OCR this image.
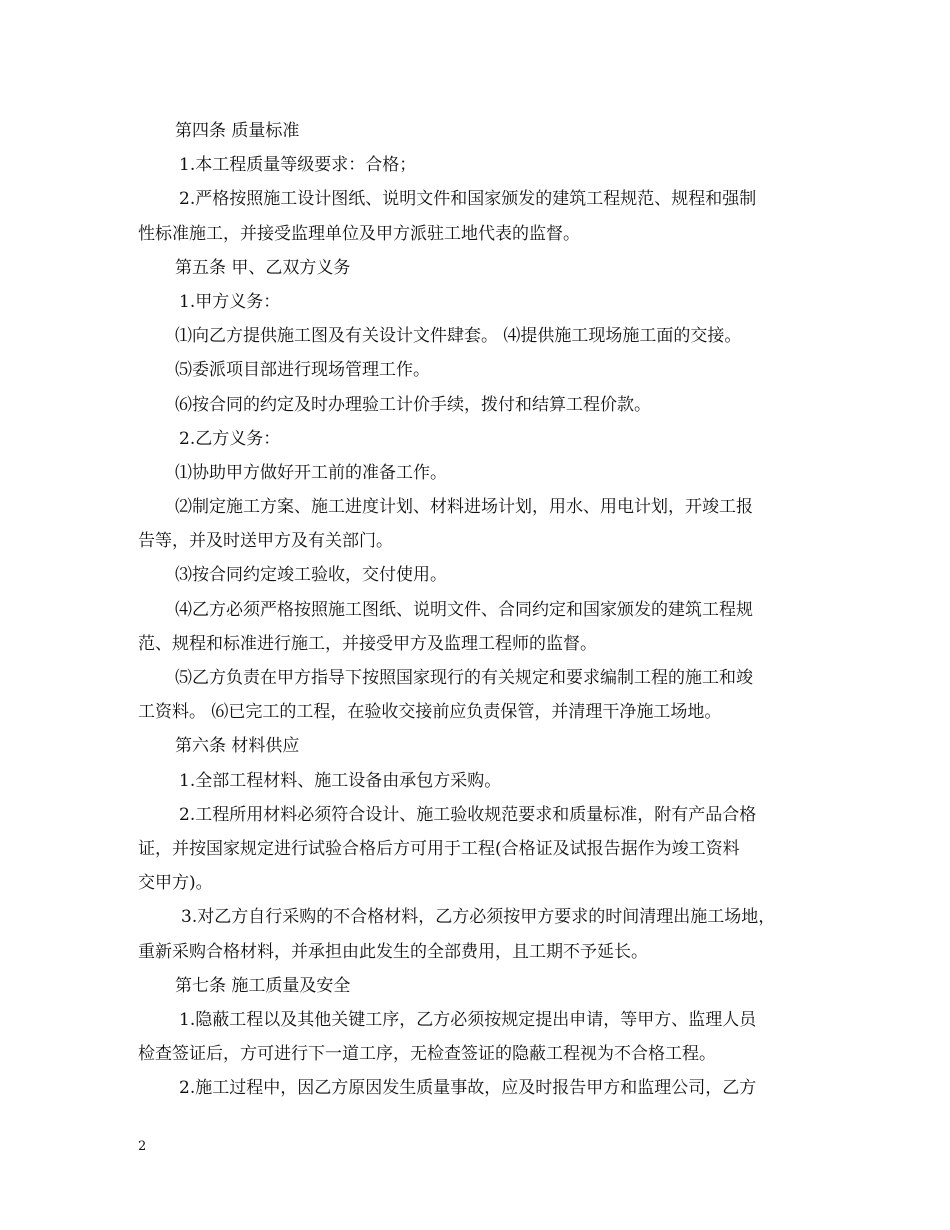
第四条 质量标准
1.本工程质量等级要求：合格；
2.严格按照施工设计图纸、说明文件和国家颁发的建筑工程规范、规程和强制
性标准施工，并接受监理单位及甲方派驻工地代表的监督。
第五条 甲、乙双方义务
1.甲方义务：
⑴向乙方提供施工图及有关设计文件肆套。 ⑷提供施工现场施工面的交接。
⑸委派项目部进行现场管理工作。
⑹按合同的约定及时办理验工计价手续，拨付和结算工程价款。
2.乙方义务：
⑴协助甲方做好开工前的准备工作。
⑵制定施工方案、施工进度计划、材料进场计划，用水、用电计划，开竣工报
告等，并及时送甲方及有关部门。
⑶按合同约定竣工验收，交付使用。
⑷乙方必须严格按照施工图纸、说明文件、合同约定和国家颁发的建筑工程规
范、规程和标准进行施工，并接受甲方及监理工程师的监督。
⑸乙方负责在甲方指导下按照国家现行的有关规定和要求编制工程的施工和竣
工资料。 ⑹已完工的工程，在验收交接前应负责保管，并清理干净施工场地。
第六条 材料供应
1.全部工程材料、施工设备由承包方采购。
2.工程所用材料必须符合设计、施工验收规范要求和质量标准，附有产品合格
证，并按国家规定进行试验合格后方可用于工程(合格证及试报告据作为竣工资料
交甲方)。
3.对乙方自行采购的不合格材料，乙方必须按甲方要求的时间清理出施工场地，
重新采购合格材料，并承担由此发生的全部费用，且工期不予延长。
第七条 施工质量及安全
1.隐蔽工程以及其他关键工序，乙方必须按规定提出申请，等甲方、监理人员
检查签证后，方可进行下一道工序，无检查签证的隐蔽工程视为不合格工程。
2.施工过程中，因乙方原因发生质量事故，应及时报告甲方和监理公司，乙方
2
